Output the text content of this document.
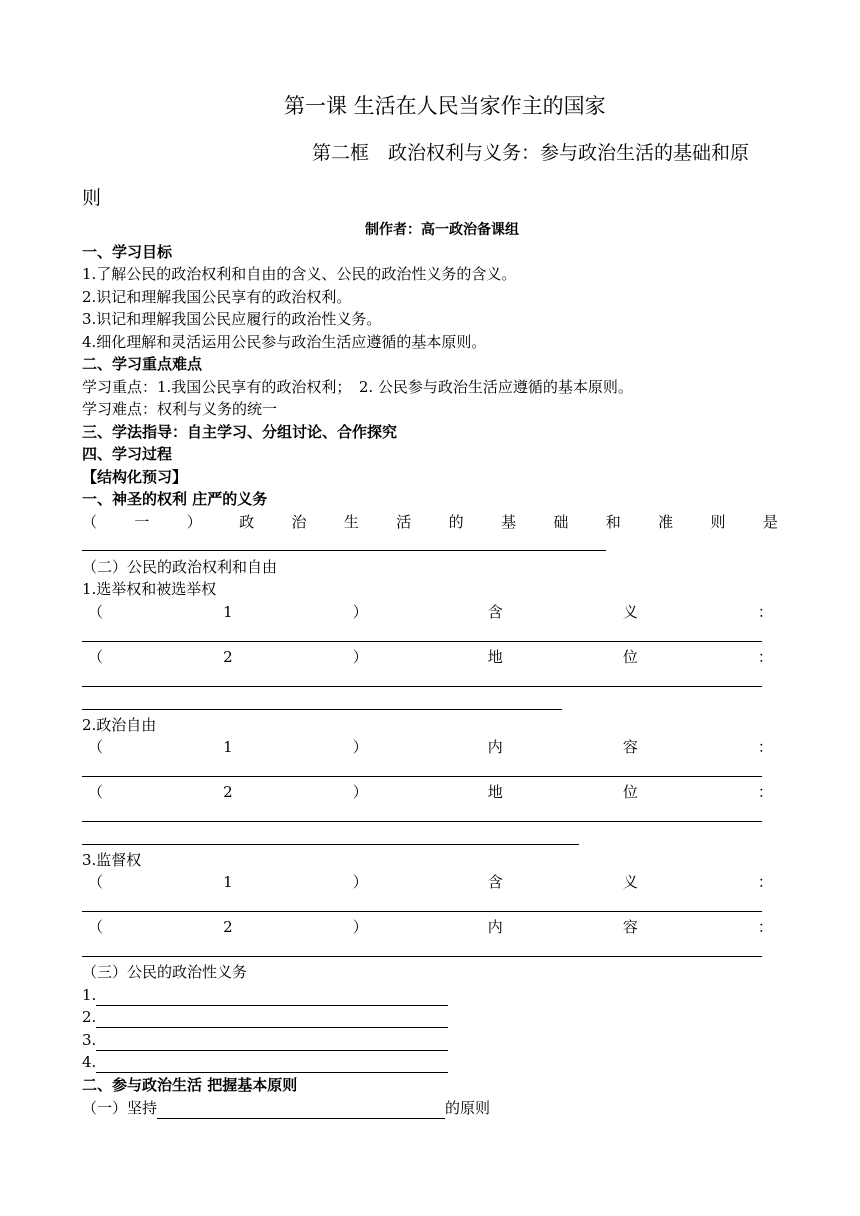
第一课 生活在人民当家作主的国家
第二框　政治权利与义务：参与政治生活的基础和原
则
制作者：高一政治备课组
一、学习目标
1.了解公民的政治权利和自由的含义、公民的政治性义务的含义。
2.识记和理解我国公民享有的政治权利。
3.识记和理解我国公民应履行的政治性义务。
4.细化理解和灵活运用公民参与政治生活应遵循的基本原则。
二、学习重点难点
学习重点：1.我国公民享有的政治权利；　2. 公民参与政治生活应遵循的基本原则。
学习难点：权利与义务的统一
三、学法指导：自主学习、分组讨论、合作探究
四、学习过程
【结构化预习】
一、神圣的权利 庄严的义务
（ 一 ） 政 治 生 活 的 基 础 和 准 则 是
（二）公民的政治权利和自由
1.选举权和被选举权
（	1	）	含	义	：
（	2	）	地	位	：
2.政治自由
（	1	）	内	容	：
（	2	）	地	位	：
3.监督权
（	1	）	含	义	：
（	2	）	内	容	：
（三）公民的政治性义务
1.
2.
3.
4.
二、参与政治生活 把握基本原则
（一）坚持	的原则
